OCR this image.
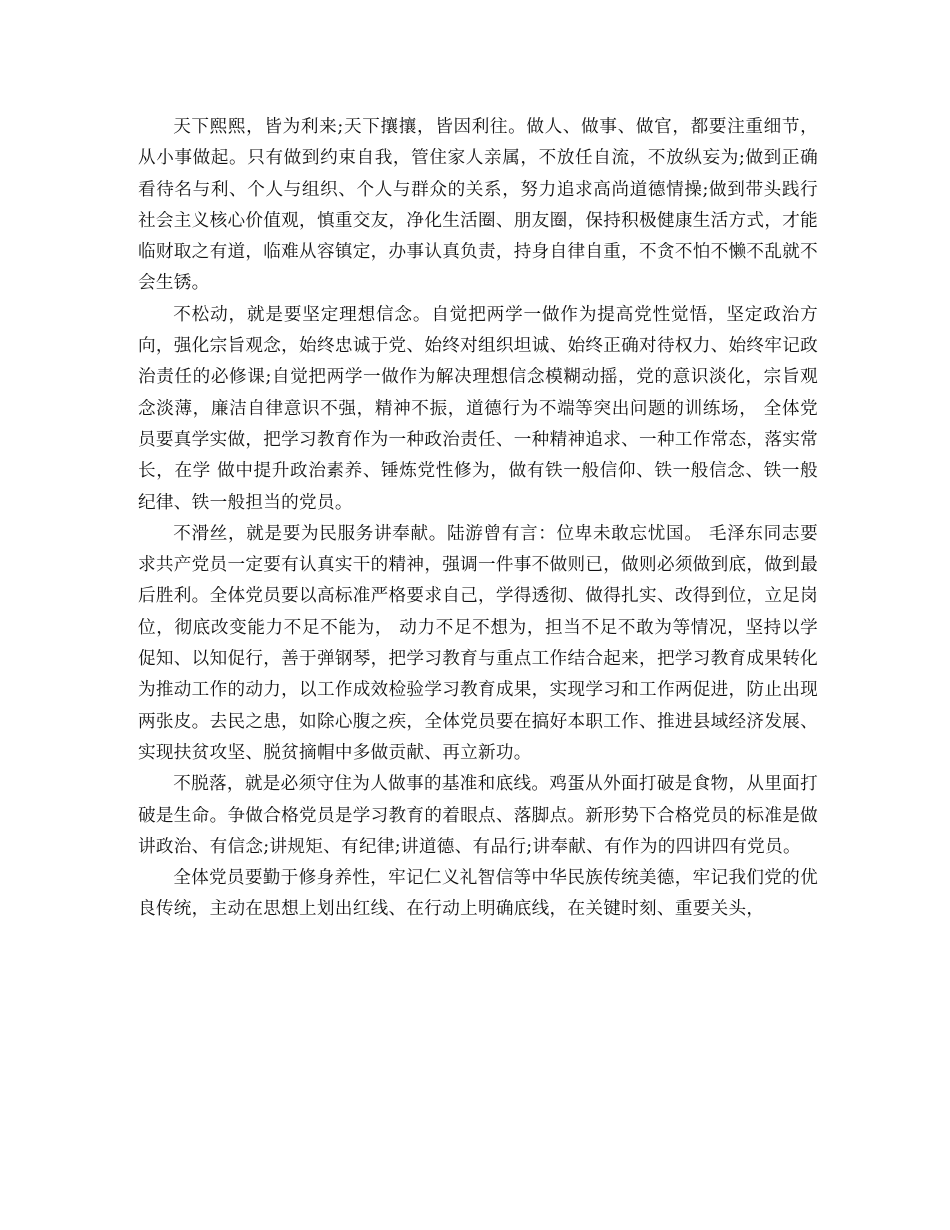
天下熙熙，皆为利来;天下攘攘，皆因利往。做人、做事、做官，都要注重细节，从小事做起。只有做到约束自我，管住家人亲属，不放任自流，不放纵妄为;做到正确看待名与利、个人与组织、个人与群众的关系，努力追求高尚道德情操;做到带头践行社会主义核心价值观，慎重交友，净化生活圈、朋友圈，保持积极健康生活方式，才能临财取之有道，临难从容镇定，办事认真负责，持身自律自重，不贪不怕不懒不乱就不会生锈。

不松动，就是要坚定理想信念。自觉把两学一做作为提高党性觉悟，坚定政治方向，强化宗旨观念，始终忠诚于党、始终对组织坦诚、始终正确对待权力、始终牢记政治责任的必修课;自觉把两学一做作为解决理想信念模糊动摇，党的意识淡化，宗旨观念淡薄，廉洁自律意识不强，精神不振，道德行为不端等突出问题的训练场， 全体党员要真学实做，把学习教育作为一种政治责任、一种精神追求、一种工作常态，落实常长，在学 做中提升政治素养、锤炼党性修为，做有铁一般信仰、铁一般信念、铁一般纪律、铁一般担当的党员。

不滑丝，就是要为民服务讲奉献。陆游曾有言：位卑未敢忘忧国。 毛泽东同志要求共产党员一定要有认真实干的精神，强调一件事不做则已，做则必须做到底，做到最后胜利。全体党员要以高标准严格要求自己，学得透彻、做得扎实、改得到位，立足岗位，彻底改变能力不足不能为， 动力不足不想为，担当不足不敢为等情况，坚持以学促知、以知促行，善于弹钢琴，把学习教育与重点工作结合起来，把学习教育成果转化为推动工作的动力，以工作成效检验学习教育成果，实现学习和工作两促进，防止出现两张皮。去民之患，如除心腹之疾，全体党员要在搞好本职工作、推进县域经济发展、实现扶贫攻坚、脱贫摘帽中多做贡献、再立新功。

不脱落，就是必须守住为人做事的基准和底线。鸡蛋从外面打破是食物，从里面打破是生命。争做合格党员是学习教育的着眼点、落脚点。新形势下合格党员的标准是做讲政治、有信念;讲规矩、有纪律;讲道德、有品行;讲奉献、有作为的四讲四有党员。

全体党员要勤于修身养性，牢记仁义礼智信等中华民族传统美德，牢记我们党的优良传统，主动在思想上划出红线、在行动上明确底线，在关键时刻、重要关头，
